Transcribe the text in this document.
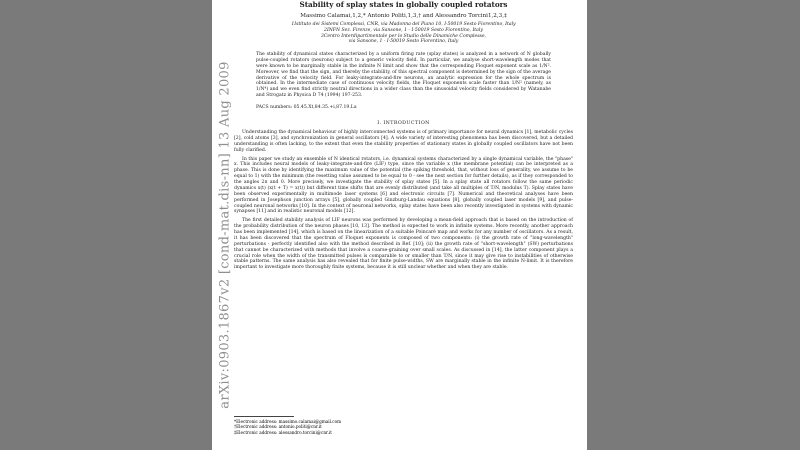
Stability of splay states in globally coupled rotators
Massimo Calamai,1,2,* Antonio Politi,1,3,† and Alessandro Torcini1,2,3,‡
1Istituto dei Sistemi Complessi, CNR, via Madonna del Piano 10, I-50019 Sesto Fiorentino, Italy
2INFN Sez. Firenze, via Sansone, 1 - I-50019 Sesto Fiorentino, Italy
3Centro Interdipartimentale per lo Studio delle Dinamiche Complesse,
via Sansone, 1 - I-50019 Sesto Fiorentino, Italy
The stability of dynamical states characterized by a uniform firing rate (splay states) is analyzed in a network of N globally pulse-coupled rotators (neurons) subject to a generic velocity field. In particular, we analyse short-wavelength modes that were known to be marginally stable in the infinite N limit and show that the corresponding Floquet exponent scale as 1/N². Moreover, we find that the sign, and thereby the stability, of this spectral component is determined by the sign of the average derivative of the velocity field. For leaky-integrate-and-fire neurons, an analytic expression for the whole spectrum is obtained. In the intermediate case of continuous velocity fields, the Floquet exponents scale faster than 1/N² (namely, as 1/N⁴) and we even find strictly neutral directions in a wider class than the sinusoidal velocity fields considered by Watanabe and Strogatz in Physica D 74 (1994) 197-253.
PACS numbers: 05.45.Xt,84.35.+i,87.19.La
I. INTRODUCTION
Understanding the dynamical behaviour of highly interconnected systems is of primary importance for neural dynamics [1], metabolic cycles [2], cold atoms [3], and synchronization in general oscillators [4]. A wide variety of interesting phenomena has been discovered, but a detailed understanding is often lacking, to the extent that even the stability properties of stationary states in globally coupled oscillators have not been fully clarified.
In this paper we study an ensemble of N identical rotators, i.e. dynamical systems characterized by a single dynamical variable, the "phase" x. This includes neural models of leaky-integrate-and-fire (LIF) type, since the variable x (the membrane potential) can be interpreted as a phase. This is done by identifying the maximum value of the potential (the spiking threshold, that, without loss of generality, we assume to be equal to 1) with the minimum (the resetting value assumed to be equal to 0 - see the next section for further details), as if they corresponded to the angles 2π and 0. More precisely, we investigate the stability of splay states [5]. In a splay state all rotators follow the same periodic dynamics x(t) (x(t + T) = x(t)) but different time shifts that are evenly distributed (and take all multiples of T/N, modulus T). Splay states have been observed experimentally in multimode laser systems [6] and electronic circuits [7]. Numerical and theoretical analyses have been performed in Josephson junction arrays [5], globally coupled Ginzburg-Landau equations [8], globally coupled laser models [9], and pulse-coupled neuronal networks [10]. In the context of neuronal networks, splay states have been also recently investigated in systems with dynamic synapses [11] and in realistic neuronal models [12].
The first detailed stability analysis of LIF neurons was performed by developing a mean-field approach that is based on the introduction of the probability distribution of the neuron phases [10, 13]. The method is expected to work in infinite systems. More recently, another approach has been implemented [14], which is based on the linearization of a suitable Poincaré map and works for any number of oscillators. As a result, it has been discovered that the spectrum of Floquet exponents is composed of two components: (i) the growth rate of "long-wavelength" perturbations - perfectly identified also with the method described in Ref. [10]; (ii) the growth rate of "short-wavelength" (SW) perturbations that cannot be characterized with methods that involve a coarse-graining over small scales. As discussed in [14], the latter component plays a crucial role when the width of the transmitted pulses is comparable to or smaller than T/N, since it may give rise to instabilities of otherwise stable patterns. The same analysis has also revealed that for finite pulse-widths, SW are marginally stable in the infinite N-limit. It is therefore important to investigate more thoroughly finite systems, because it is still unclear whether and when they are stable.
*Electronic address: massimo.calamai@gmail.com
†Electronic address: antonio.politi@cnr.it
‡Electronic address: alessandro.torcini@cnr.it
arXiv:0903.1867v2 [cond-mat.dis-nn] 13 Aug 2009
